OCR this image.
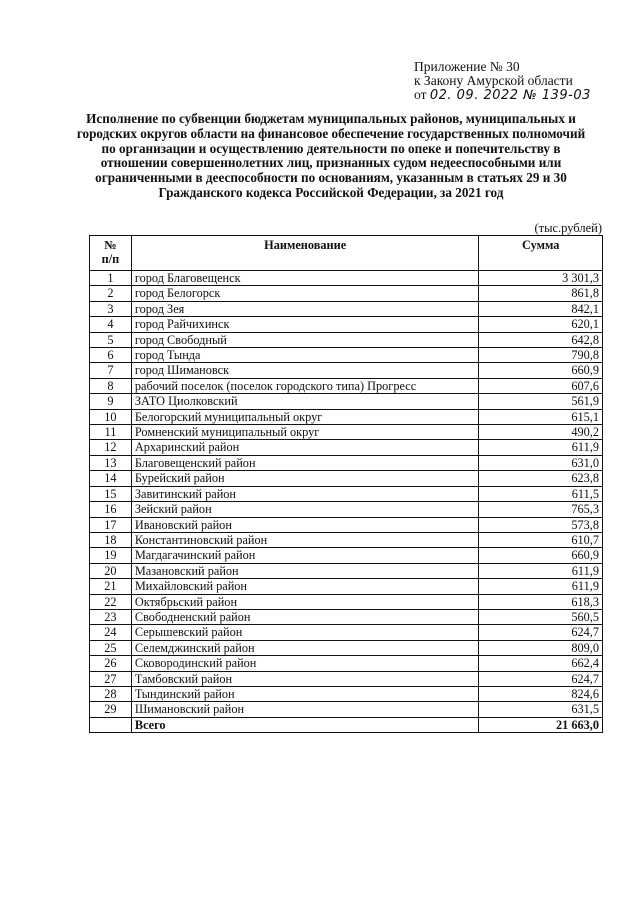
Приложение № 30
к Закону Амурской области
от 02. 09. 2022 № 139-03
Исполнение по субвенции бюджетам муниципальных районов, муниципальных и городских округов области на финансовое обеспечение государственных полномочий по организации и осуществлению деятельности по опеке и попечительству в отношении совершеннолетних лиц, признанных судом недееспособными или ограниченными в дееспособности по основаниям, указанным в статьях 29 и 30 Гражданского кодекса Российской Федерации, за 2021 год
(тыс.рублей)
№
п/п	Наименование	Сумма
1	город Благовещенск	3 301,3
2	город Белогорск	861,8
3	город Зея	842,1
4	город Райчихинск	620,1
5	город Свободный	642,8
6	город Тында	790,8
7	город Шимановск	660,9
8	рабочий поселок (поселок городского типа) Прогресс	607,6
9	ЗАТО Циолковский	561,9
10	Белогорский муниципальный округ	615,1
11	Ромненский муниципальный округ	490,2
12	Архаринский район	611,9
13	Благовещенский район	631,0
14	Бурейский район	623,8
15	Завитинский район	611,5
16	Зейский район	765,3
17	Ивановский район	573,8
18	Константиновский район	610,7
19	Магдагачинский район	660,9
20	Мазановский район	611,9
21	Михайловский район	611,9
22	Октябрьский район	618,3
23	Свободненский район	560,5
24	Серышевский район	624,7
25	Селемджинский район	809,0
26	Сковородинский район	662,4
27	Тамбовский район	624,7
28	Тындинский район	824,6
29	Шимановский район	631,5
	Всего	21 663,0
